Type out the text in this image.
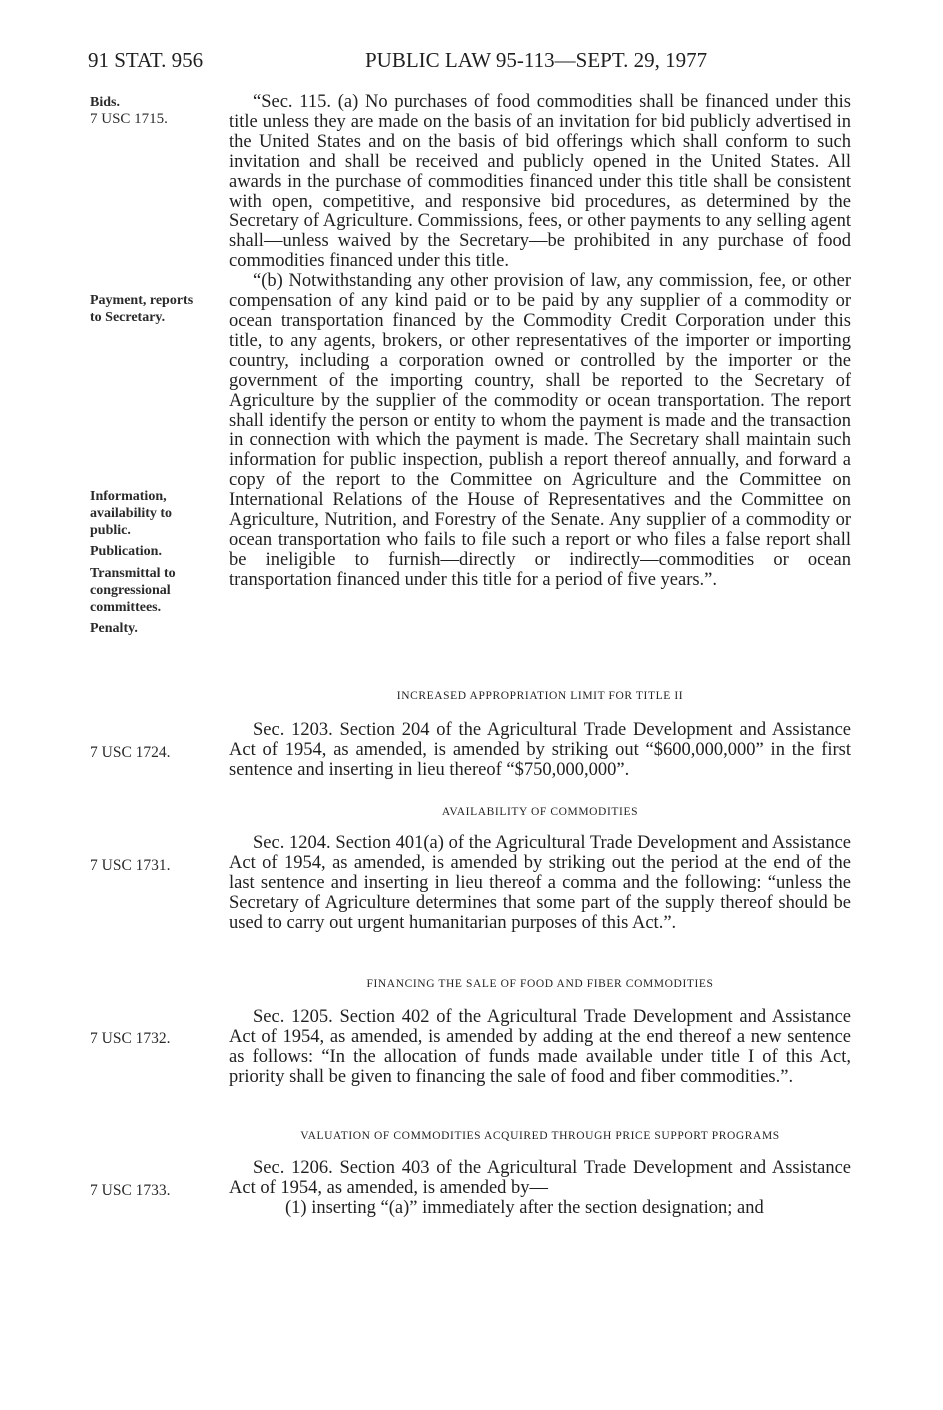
91 STAT. 956	PUBLIC LAW 95-113—SEPT. 29, 1977
Bids.
7 USC 1715.
Payment, reports
to Secretary.
Information,
availability to
public.
Publication.
Transmittal to
congressional
committees.
Penalty.
7 USC 1724.
7 USC 1731.
7 USC 1732.
7 USC 1733.

“Sec. 115. (a) No purchases of food commodities shall be financed under this title unless they are made on the basis of an invitation for bid publicly advertised in the United States and on the basis of bid offerings which shall conform to such invitation and shall be received and publicly opened in the United States. All awards in the purchase of commodities financed under this title shall be consistent with open, competitive, and responsive bid procedures, as determined by the Secretary of Agriculture. Commissions, fees, or other payments to any selling agent shall—unless waived by the Secretary—be prohibited in any purchase of food commodities financed under this title.

“(b) Notwithstanding any other provision of law, any commission, fee, or other compensation of any kind paid or to be paid by any supplier of a commodity or ocean transportation financed by the Commodity Credit Corporation under this title, to any agents, brokers, or other representatives of the importer or importing country, including a corporation owned or controlled by the importer or the government of the importing country, shall be reported to the Secretary of Agriculture by the supplier of the commodity or ocean transportation. The report shall identify the person or entity to whom the payment is made and the transaction in connection with which the payment is made. The Secretary shall maintain such information for public inspection, publish a report thereof annually, and forward a copy of the report to the Committee on Agriculture and the Committee on International Relations of the House of Representatives and the Committee on Agriculture, Nutrition, and Forestry of the Senate. Any supplier of a commodity or ocean transportation who fails to file such a report or who files a false report shall be ineligible to furnish—directly or indirectly—commodities or ocean transportation financed under this title for a period of five years.”.

INCREASED APPROPRIATION LIMIT FOR TITLE II

Sec. 1203. Section 204 of the Agricultural Trade Development and Assistance Act of 1954, as amended, is amended by striking out “$600,000,000” in the first sentence and inserting in lieu thereof “$750,000,000”.

AVAILABILITY OF COMMODITIES

Sec. 1204. Section 401(a) of the Agricultural Trade Development and Assistance Act of 1954, as amended, is amended by striking out the period at the end of the last sentence and inserting in lieu thereof a comma and the following: “unless the Secretary of Agriculture determines that some part of the supply thereof should be used to carry out urgent humanitarian purposes of this Act.”.

FINANCING THE SALE OF FOOD AND FIBER COMMODITIES

Sec. 1205. Section 402 of the Agricultural Trade Development and Assistance Act of 1954, as amended, is amended by adding at the end thereof a new sentence as follows: “In the allocation of funds made available under title I of this Act, priority shall be given to financing the sale of food and fiber commodities.”.

VALUATION OF COMMODITIES ACQUIRED THROUGH PRICE SUPPORT PROGRAMS

Sec. 1206. Section 403 of the Agricultural Trade Development and Assistance Act of 1954, as amended, is amended by—

(1) inserting “(a)” immediately after the section designation; and
